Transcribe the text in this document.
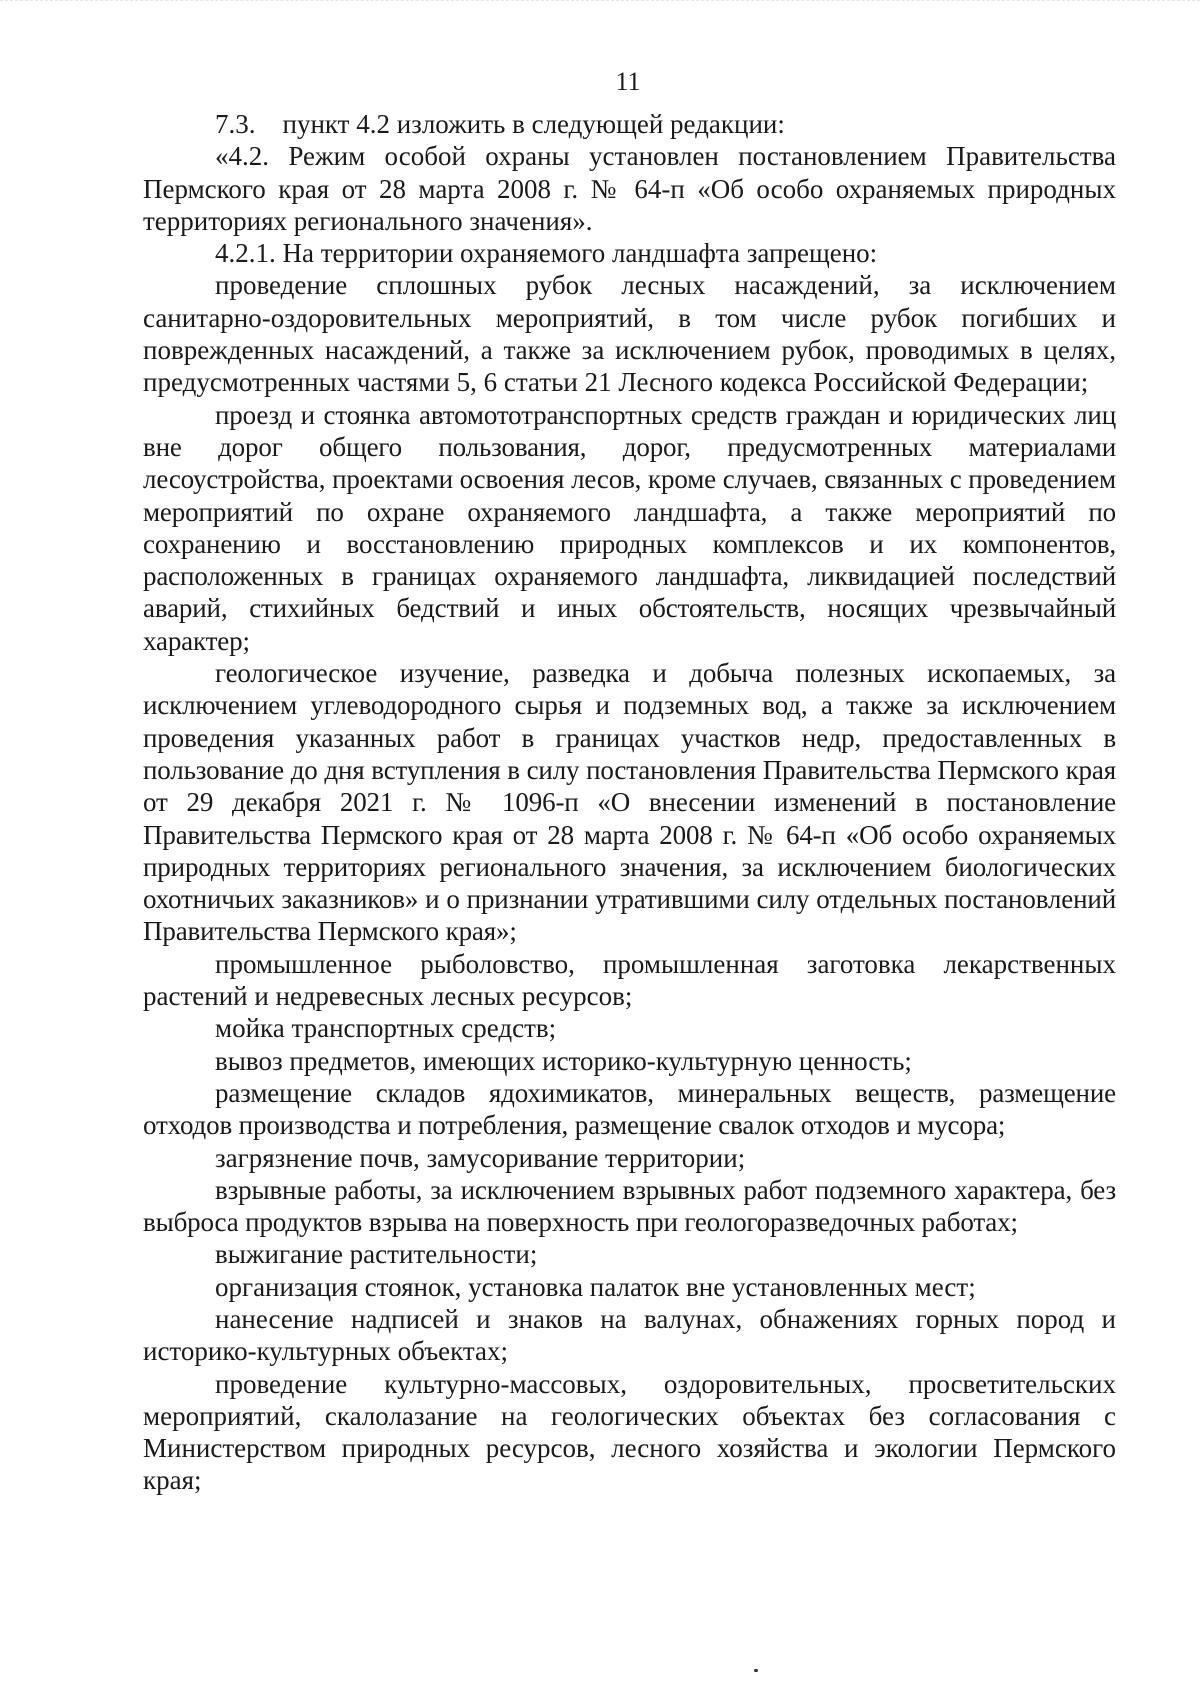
11

7.3. пункт 4.2 изложить в следующей редакции:

«4.2. Режим особой охраны установлен постановлением Правительства Пермского края от 28 марта 2008 г. № 64-п «Об особо охраняемых природных территориях регионального значения».

4.2.1. На территории охраняемого ландшафта запрещено:

проведение сплошных рубок лесных насаждений, за исключением санитарно-оздоровительных мероприятий, в том числе рубок погибших и поврежденных насаждений, а также за исключением рубок, проводимых в целях, предусмотренных частями 5, 6 статьи 21 Лесного кодекса Российской Федерации;

проезд и стоянка автомототранспортных средств граждан и юридических лиц вне дорог общего пользования, дорог, предусмотренных материалами лесоустройства, проектами освоения лесов, кроме случаев, связанных с проведением мероприятий по охране охраняемого ландшафта, а также мероприятий по сохранению и восстановлению природных комплексов и их компонентов, расположенных в границах охраняемого ландшафта, ликвидацией последствий аварий, стихийных бедствий и иных обстоятельств, носящих чрезвычайный характер;

геологическое изучение, разведка и добыча полезных ископаемых, за исключением углеводородного сырья и подземных вод, а также за исключением проведения указанных работ в границах участков недр, предоставленных в пользование до дня вступления в силу постановления Правительства Пермского края от 29 декабря 2021 г. № 1096-п «О внесении изменений в постановление Правительства Пермского края от 28 марта 2008 г. № 64-п «Об особо охраняемых природных территориях регионального значения, за исключением биологических охотничьих заказников» и о признании утратившими силу отдельных постановлений Правительства Пермского края»;

промышленное рыболовство, промышленная заготовка лекарственных растений и недревесных лесных ресурсов;

мойка транспортных средств;

вывоз предметов, имеющих историко-культурную ценность;

размещение складов ядохимикатов, минеральных веществ, размещение отходов производства и потребления, размещение свалок отходов и мусора;

загрязнение почв, замусоривание территории;

взрывные работы, за исключением взрывных работ подземного характера, без выброса продуктов взрыва на поверхность при геологоразведочных работах;

выжигание растительности;

организация стоянок, установка палаток вне установленных мест;

нанесение надписей и знаков на валунах, обнажениях горных пород и историко-культурных объектах;

проведение культурно-массовых, оздоровительных, просветительских мероприятий, скалолазание на геологических объектах без согласования с Министерством природных ресурсов, лесного хозяйства и экологии Пермского края;
